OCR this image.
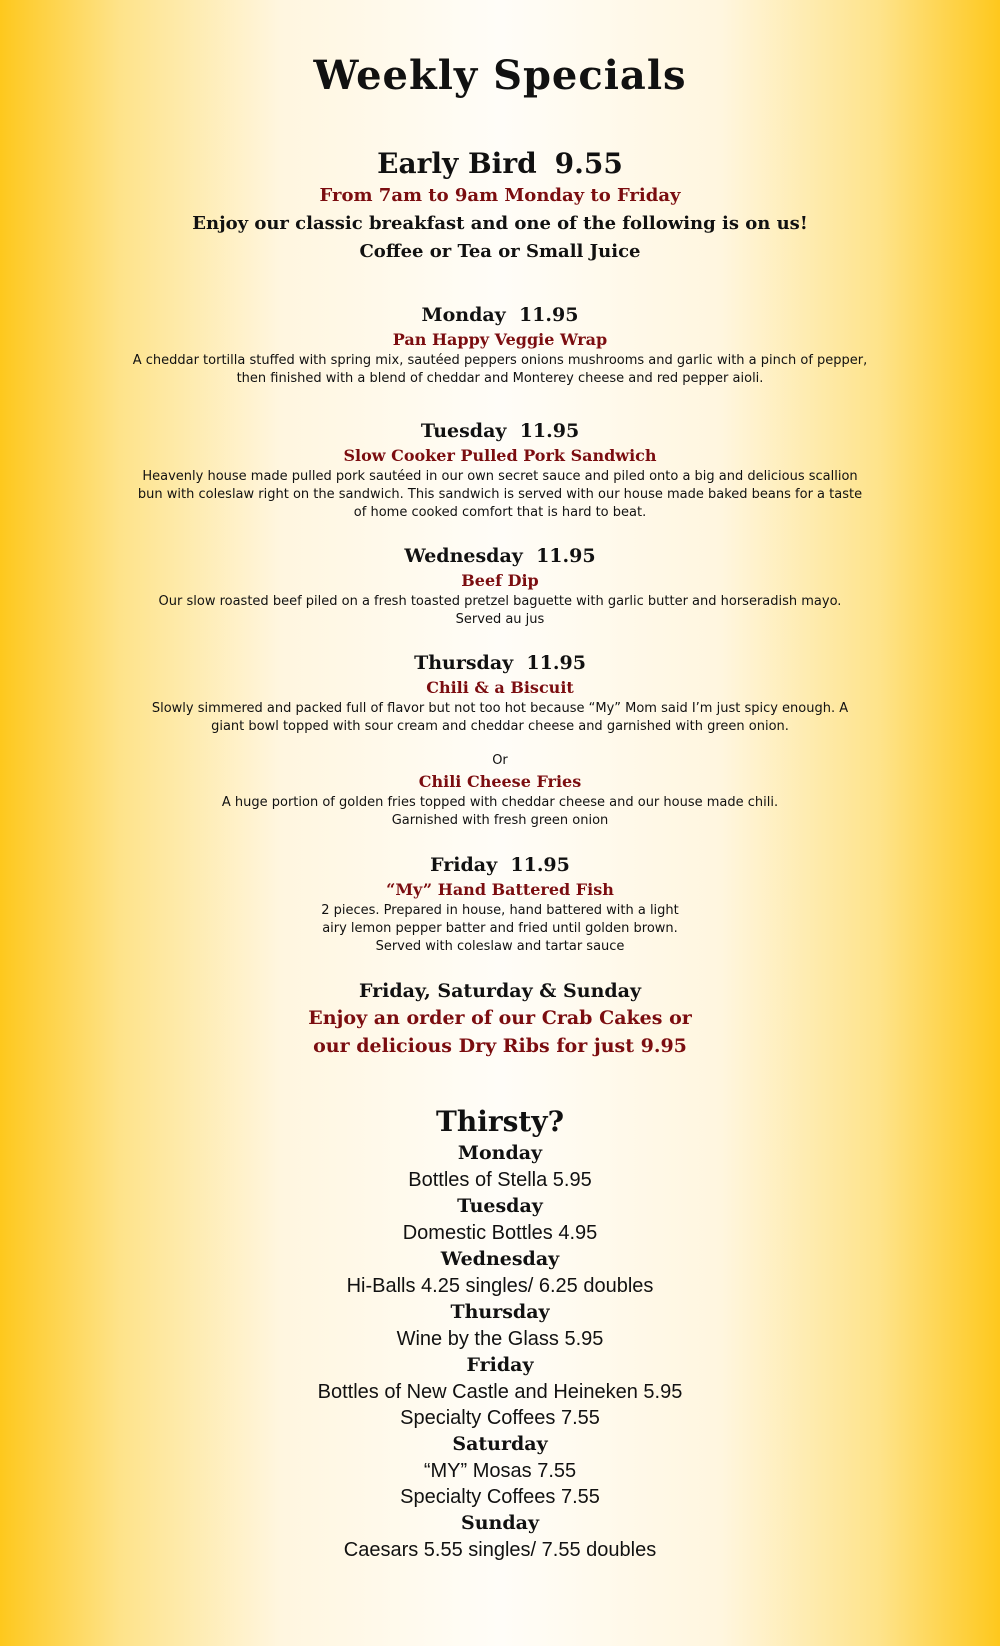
Weekly Specials
Early Bird 9.55
From 7am to 9am Monday to Friday
Enjoy our classic breakfast and one of the following is on us!
Coffee or Tea or Small Juice
Monday 11.95
Pan Happy Veggie Wrap
A cheddar tortilla stuffed with spring mix, sautéed peppers onions mushrooms and garlic with a pinch of pepper,
then finished with a blend of cheddar and Monterey cheese and red pepper aioli.
Tuesday 11.95
Slow Cooker Pulled Pork Sandwich
Heavenly house made pulled pork sautéed in our own secret sauce and piled onto a big and delicious scallion
bun with coleslaw right on the sandwich. This sandwich is served with our house made baked beans for a taste
of home cooked comfort that is hard to beat.
Wednesday 11.95
Beef Dip
Our slow roasted beef piled on a fresh toasted pretzel baguette with garlic butter and horseradish mayo.
Served au jus
Thursday 11.95
Chili & a Biscuit
Slowly simmered and packed full of flavor but not too hot because “My” Mom said I’m just spicy enough. A
giant bowl topped with sour cream and cheddar cheese and garnished with green onion.
Or
Chili Cheese Fries
A huge portion of golden fries topped with cheddar cheese and our house made chili.
Garnished with fresh green onion
Friday 11.95
“My” Hand Battered Fish
2 pieces. Prepared in house, hand battered with a light
airy lemon pepper batter and fried until golden brown.
Served with coleslaw and tartar sauce
Friday, Saturday & Sunday
Enjoy an order of our Crab Cakes or
our delicious Dry Ribs for just 9.95
Thirsty?
Monday
Bottles of Stella 5.95
Tuesday
Domestic Bottles 4.95
Wednesday
Hi-Balls 4.25 singles/ 6.25 doubles
Thursday
Wine by the Glass 5.95
Friday
Bottles of New Castle and Heineken 5.95
Specialty Coffees 7.55
Saturday
“MY” Mosas 7.55
Specialty Coffees 7.55
Sunday
Caesars 5.55 singles/ 7.55 doubles
